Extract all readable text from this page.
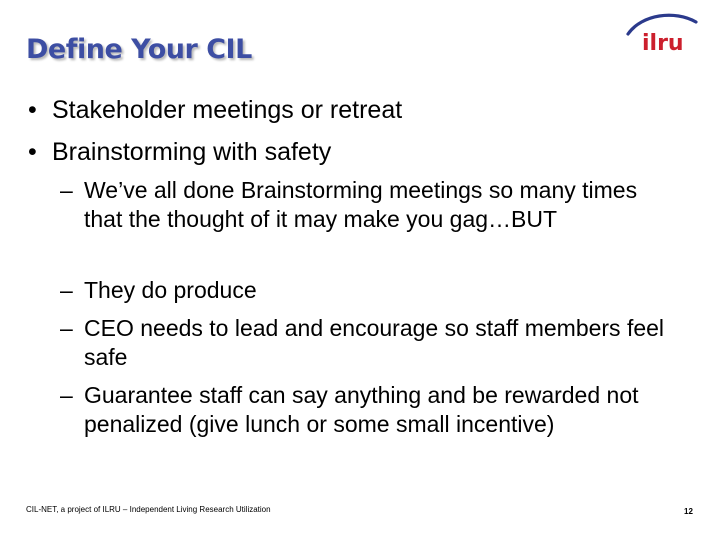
Define Your CIL	ilru
• Stakeholder meetings or retreat
• Brainstorming with safety
– We’ve all done Brainstorming meetings so many times that the thought of it may make you gag…BUT
– They do produce
– CEO needs to lead and encourage so staff members feel safe
– Guarantee staff can say anything and be rewarded not penalized (give lunch or some small incentive)
CIL-NET, a project of ILRU – Independent Living Research Utilization	12
